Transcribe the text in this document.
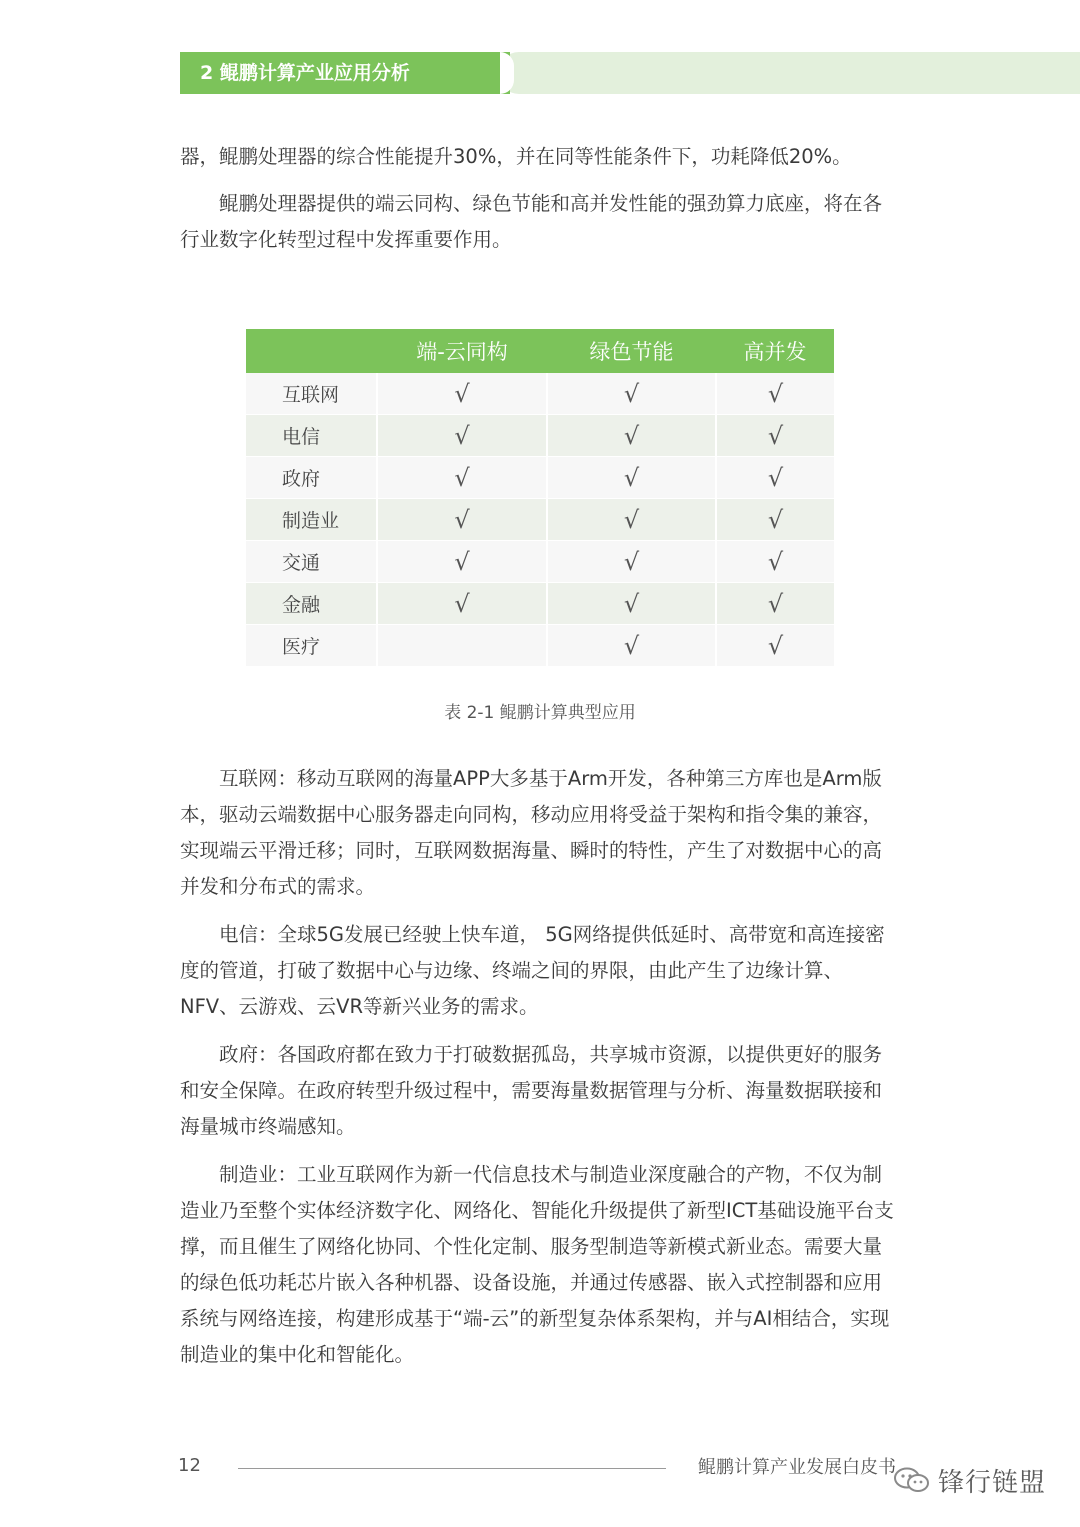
2 鲲鹏计算产业应用分析

器，鲲鹏处理器的综合性能提升30%，并在同等性能条件下，功耗降低20%。

鲲鹏处理器提供的端云同构、绿色节能和高并发性能的强劲算力底座，将在各行业数字化转型过程中发挥重要作用。

	端-云同构	绿色节能	高并发
互联网	√	√	√
电信	√	√	√
政府	√	√	√
制造业	√	√	√
交通	√	√	√
金融	√	√	√
医疗		√	√
表 2-1 鲲鹏计算典型应用

互联网：移动互联网的海量APP大多基于Arm开发，各种第三方库也是Arm版本，驱动云端数据中心服务器走向同构，移动应用将受益于架构和指令集的兼容，实现端云平滑迁移；同时，互联网数据海量、瞬时的特性，产生了对数据中心的高并发和分布式的需求。

电信：全球5G发展已经驶上快车道， 5G网络提供低延时、高带宽和高连接密度的管道，打破了数据中心与边缘、终端之间的界限，由此产生了边缘计算、NFV、云游戏、云VR等新兴业务的需求。

政府：各国政府都在致力于打破数据孤岛，共享城市资源，以提供更好的服务和安全保障。在政府转型升级过程中，需要海量数据管理与分析、海量数据联接和海量城市终端感知。

制造业：工业互联网作为新一代信息技术与制造业深度融合的产物，不仅为制造业乃至整个实体经济数字化、网络化、智能化升级提供了新型ICT基础设施平台支撑，而且催生了网络化协同、个性化定制、服务型制造等新模式新业态。需要大量的绿色低功耗芯片嵌入各种机器、设备设施，并通过传感器、嵌入式控制器和应用系统与网络连接，构建形成基于“端-云”的新型复杂体系架构，并与AI相结合，实现制造业的集中化和智能化。

12	鲲鹏计算产业发展白皮书
锋行链盟
